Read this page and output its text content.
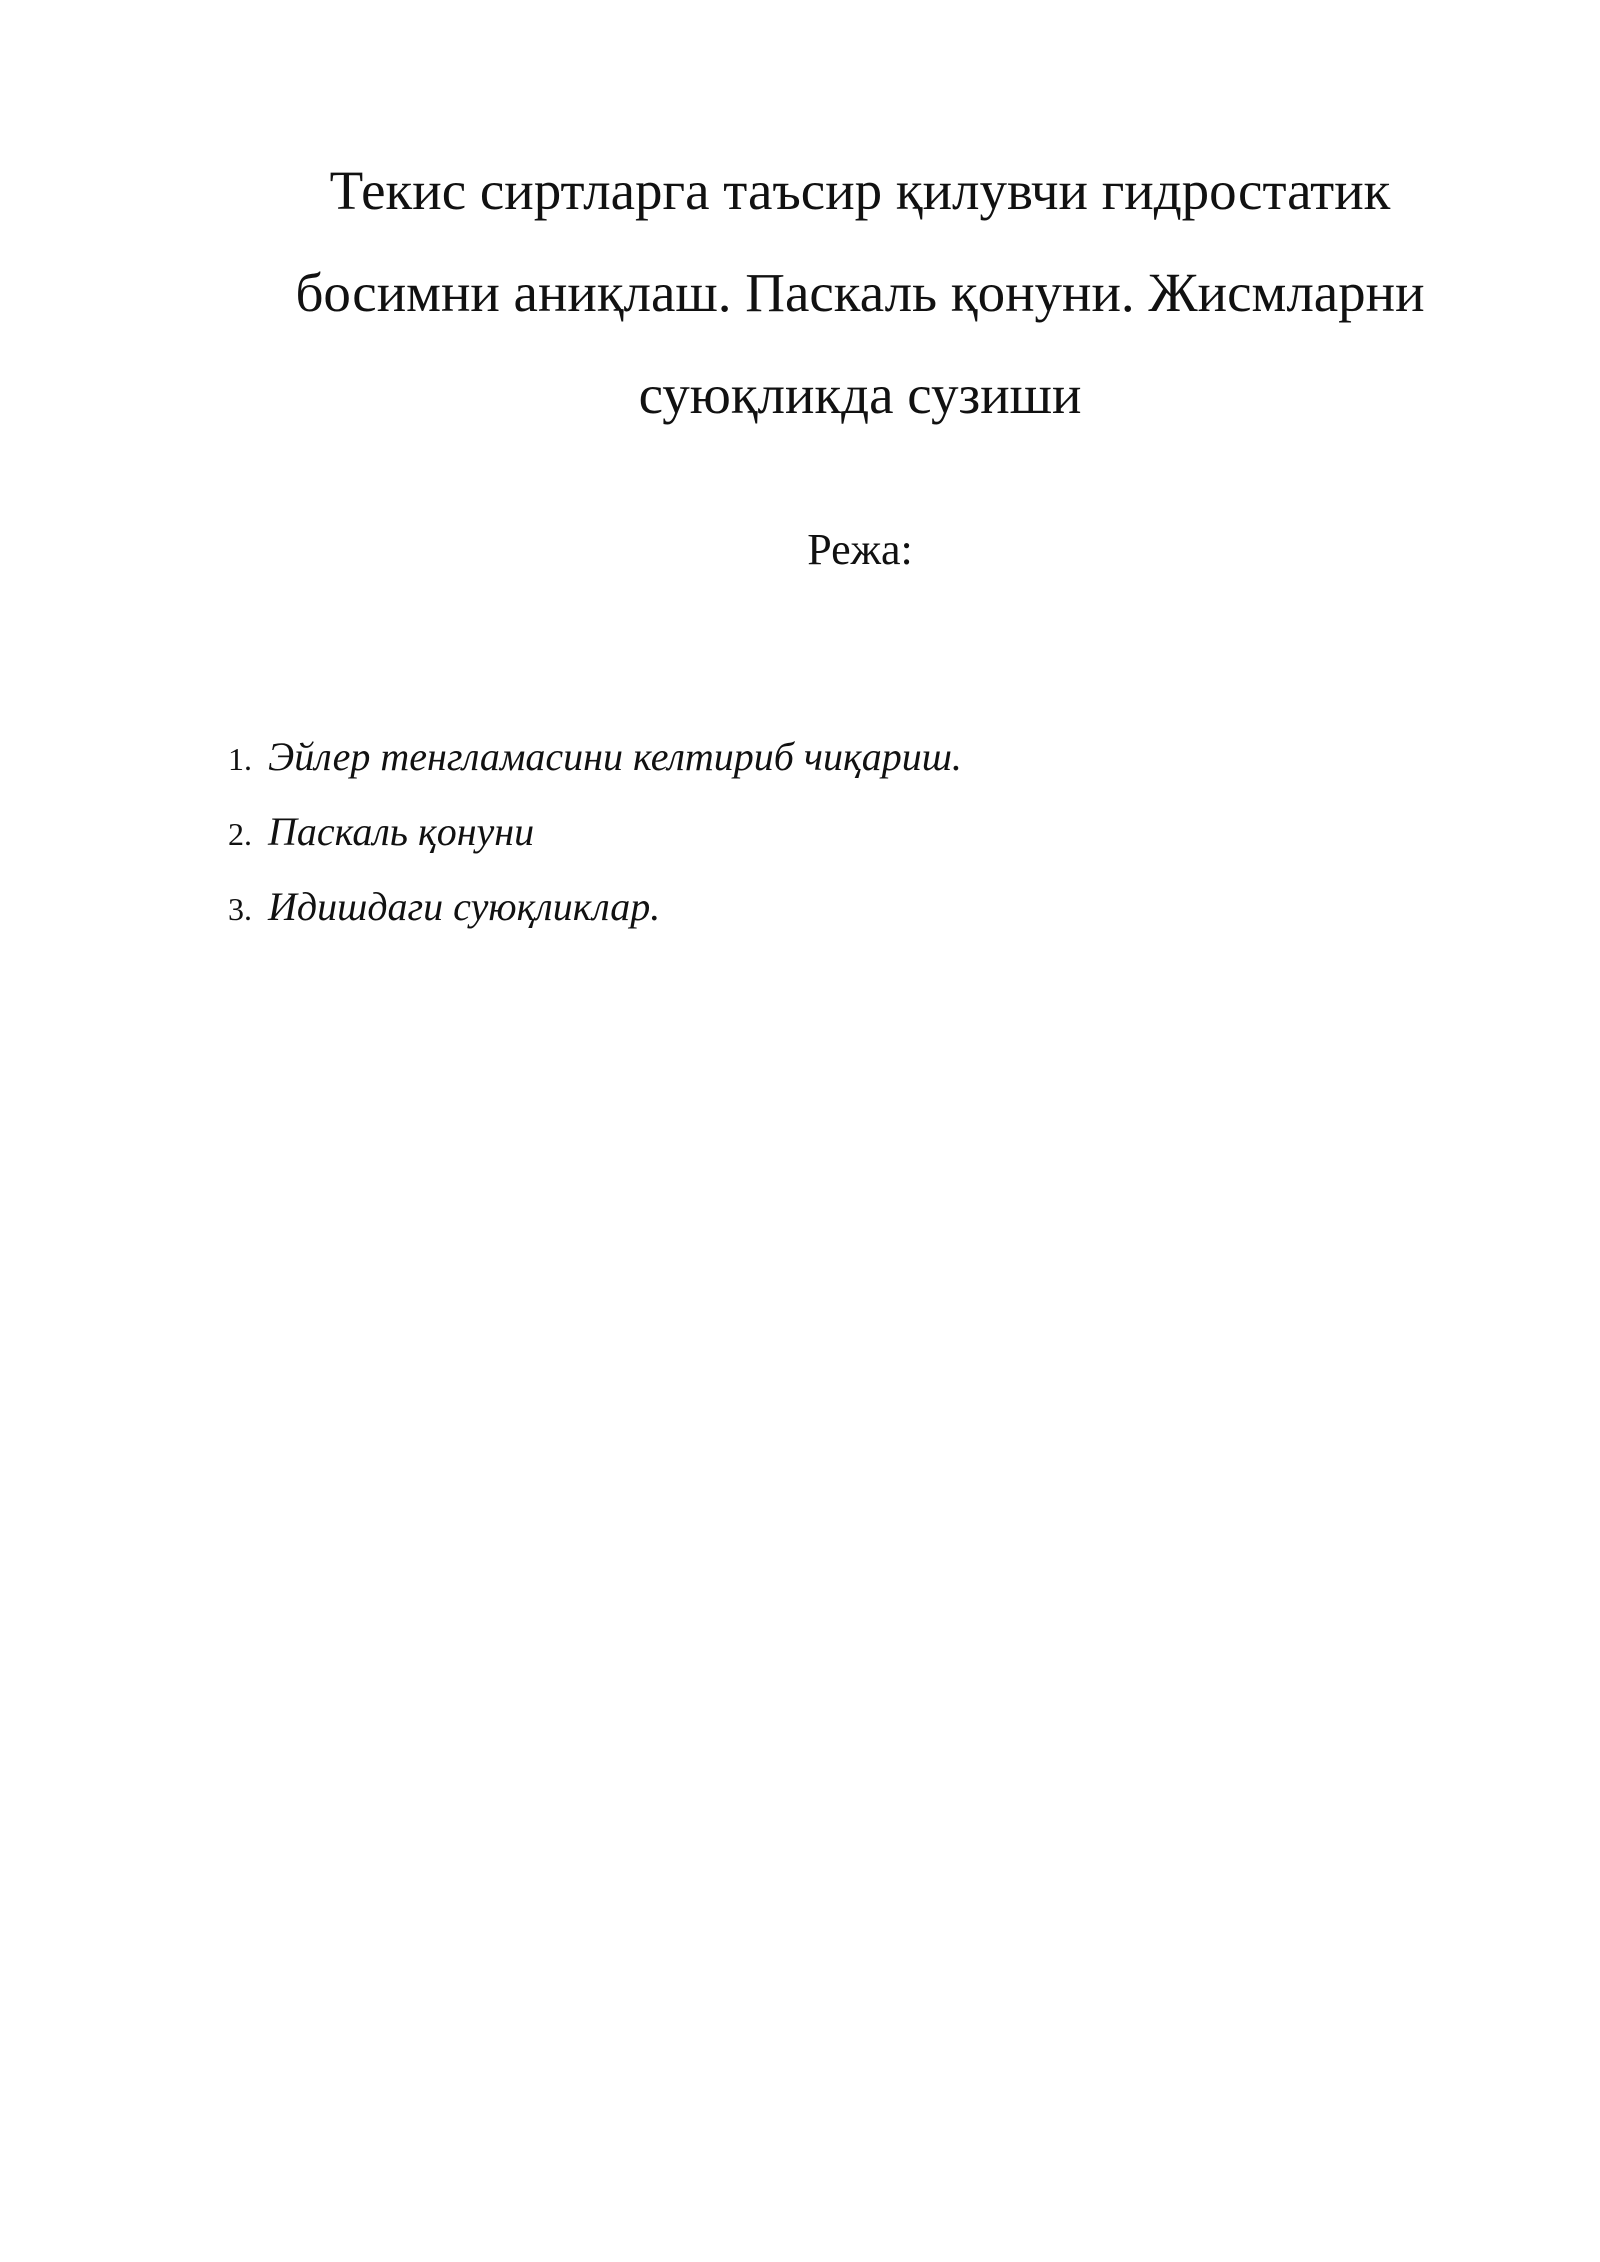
Текис сиртларга таъсир қилувчи гидростатик
босимни аниқлаш. Паскаль қонуни. Жисмларни
суюқликда сузиши

Режа:

1. Эйлер тенгламасини келтириб чиқариш.
2. Паскаль қонуни
3. Идишдаги суюқликлар.
